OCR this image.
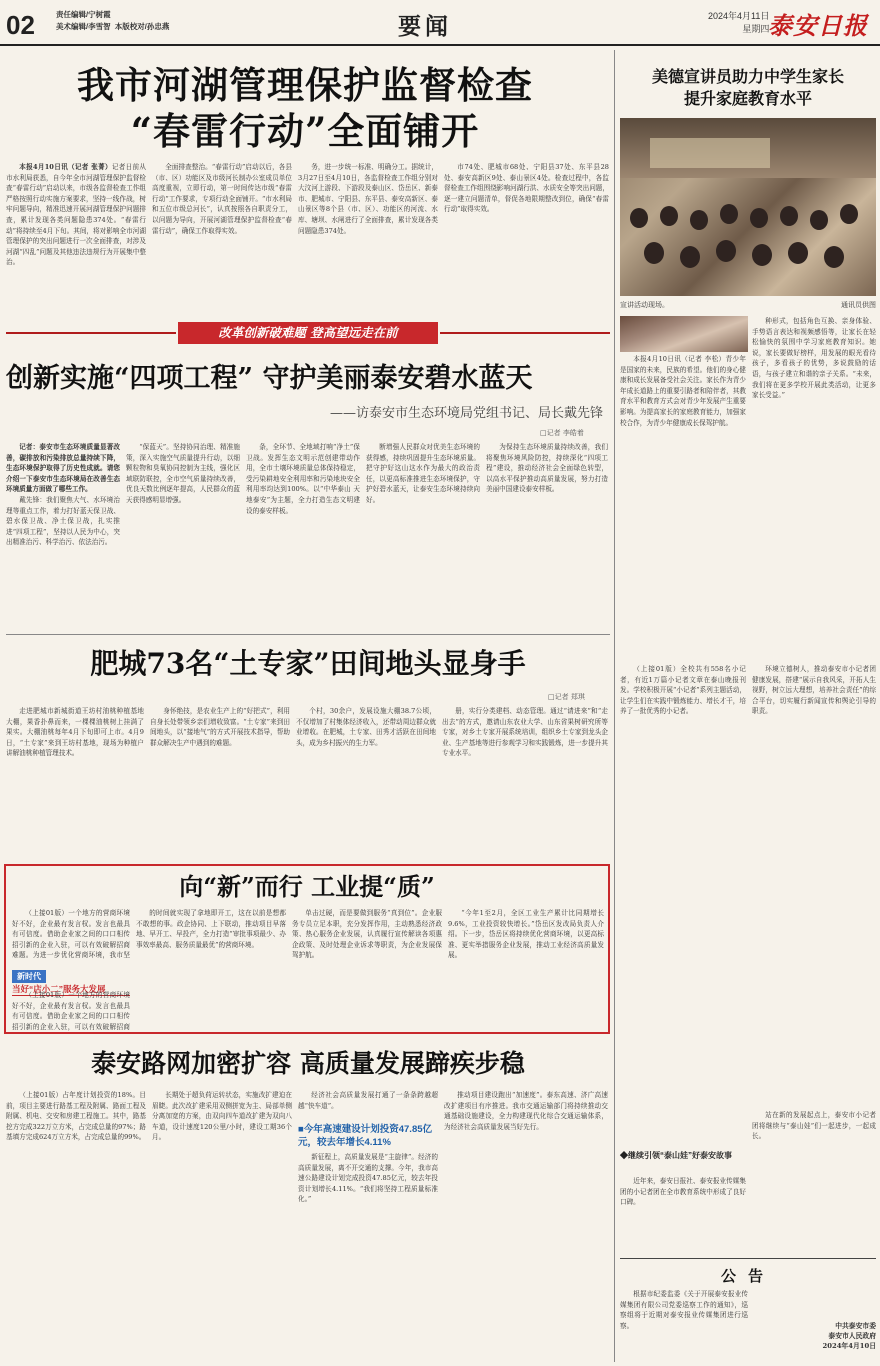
02	责任编辑/宁树霞
美术编辑/李雪智 本版校对/孙忠燕	要闻	2024年4月11日
星期四
泰安日报
我市河湖管理保护监督检查
“春雷行动”全面铺开

本报4月10日讯（记者 张菁）记者日前从市水利局获悉，自今年全市河湖管理保护监督检查“春雷行动”启动以来，市级各监督检查工作组严格按照行动实施方案要求，坚持一线作战，树牢问题导向，精准迅速开展河湖管理保护问题排查，累计发现各类问题隐患374处。“春雷行动”将持续至4月下旬。其间，将对影响全市河湖管理保护的突出问题进行一次全面排查，对涉及河湖“四乱”问题及其他违法违规行为开展集中整治。

全面排查整治。“春雷行动”启动以后，各县（市、区）功能区及市级河长制办公室成员单位高度重视，立即行动，第一时间传达市级“春雷行动”工作要求，专项行动全面铺开。“市水利局和五位市级总河长”，认真按照各自职责分工，以问题为导向，开展河湖管理保护监督检查“春雷行动”，确保工作取得实效。

务，进一步统一标准、明确分工。据统计，3月27日至4月10日，各监督检查工作组分别对大汶河上游段、下游段及泰山区、岱岳区、新泰市、肥城市、宁阳县、东平县、泰安高新区、泰山景区等8个县（市、区）、功能区的河流、水库、塘坝、水闸进行了全面排查，累计发现各类问题隐患374处。

市74处、肥城市68处、宁阳县37处、东平县28处、泰安高新区9处、泰山景区4处。检查过程中，各监督检查工作组围绕影响河湖行洪、水质安全等突出问题，逐一建立问题清单，督促各地限期整改到位，确保“春雷行动”取得实效。

改革创新破难题 登高望远走在前
创新实施“四项工程” 守护美丽泰安碧水蓝天
——访泰安市生态环境局党组书记、局长戴先锋
□记者 李皓着

记者：泰安市生态环境质量显著改善，碳排放和污染排放总量持续下降，生态环境保护取得了历史性成就。请您介绍一下泰安市生态环境局在改善生态环境质量方面做了哪些工作。

戴先锋：我们聚焦大气、水环境治理等重点工作，着力打好蓝天保卫战、碧水保卫战、净土保卫战，扎实推进“四项工程”，坚持以人民为中心，突出精准治污、科学治污、依法治污。

“保蓝天”。坚持协同治理、精准施策，深入实施空气质量提升行动，以细颗粒物和臭氧协同控制为主线，强化区域联防联控，全市空气质量持续改善，优良天数比例逐年提高，人民群众的蓝天获得感明显增强。

条，全环节、全地域打响“净土”保卫战。发挥生态文明示范创建带动作用，全市土壤环境质量总体保持稳定，受污染耕地安全利用率和污染地块安全利用率均达到100%。以“中华泰山 天地泰安”为主题，全力打造生态文明建设的泰安样板。

断增强人民群众对优美生态环境的获得感，持续巩固提升生态环境质量。把守护好这山这水作为最大的政治责任，以更高标准推进生态环境保护，守护好碧水蓝天，让泰安生态环境持续向好。

为保持生态环境质量持续改善，我们将聚焦环境风险防控，持续深化“四项工程”建设，推动经济社会全面绿色转型，以高水平保护推动高质量发展，努力打造美丽中国建设泰安样板。

肥城73名“土专家”田间地头显身手
□记者 郑琪

走进肥城市新城街道王坊村油桃种植基地大棚，果香扑鼻而来，一棵棵油桃树上挂满了果实。大棚油桃每年4月下旬即可上市。4月9日，“土专家”来到王坊村基地，现场为种植户讲解油桃种植管理技术。

身怀绝技，是农业生产上的“好把式”，利用自身长处带领乡亲们增收致富。“土专家”来到田间地头，以“接地气”的方式开展技术指导，帮助群众解决生产中遇到的难题。

个村，30余户，发展设施大棚38.7公顷，不仅增加了村集体经济收入，还带动周边群众就业增收。在肥城，土专家、田秀才活跃在田间地头，成为乡村振兴的生力军。

册，实行分类建档、动态管理。通过“请进来”和“走出去”的方式，邀请山东农业大学、山东省果树研究所等专家，对乡土专家开展系统培训，组织乡土专家到龙头企业、生产基地等进行参观学习和实践锻炼，进一步提升其专业水平。

向“新”而行 工业提“质”
新时代
当好“店小二”服务大发展

（上接01版）一个地方的营商环境好不好，企业最有发言权。发言也最具有可信度。借助企业家之间的口口相传招引新的企业入驻，可以有效破解招商难题。为进一步优化营商环境，我市坚

（上接01版）一个地方的营商环境好不好，企业最有发言权。发言也最具有可信度。借助企业家之间的口口相传招引新的企业入驻，可以有效破解招商

的时间就实现了拿地即开工，这在以前是想都不敢想的事。政企协同、上下联动，推动项目早落地、早开工、早投产，全力打造“审批事项最少、办事效率最高、服务质量最优”的营商环境。

单击过硬，而是要做到服务“真到位”。企业服务专员立足本职，充分发挥作用，主动熟悉经济政策、热心服务企业发展，认真履行宣传解读各项惠企政策、及时处理企业诉求等职责，为企业发展保驾护航。

“今年1至2月，全区工业生产累计比同期增长9.6%，工业投资较快增长。”岱岳区发改局负责人介绍。下一步，岱岳区将持续优化营商环境，以更高标准、更实举措服务企业发展，推动工业经济高质量发展。

泰安路网加密扩容 高质量发展蹄疾步稳

（上接01版）占年度计划投资的18%。目前，项目主要进行路基工程及附属、路面工程及附属、机电、交安和房建工程施工。其中，路基挖方完成322万立方米，占完成总量的97%；路基填方完成624万立方米，占完成总量的99%。

长期处于超负荷运转状态，实施改扩建迫在眉睫。此次改扩建采用双侧拼宽为主、局部单侧分离加宽的方案，由双向四车道改扩建为双向八车道，设计速度120公里/小时，建设工期36个月。

经济社会高质量发展打通了一条条跨越超越“快车道”。

■今年高速建设计划投资47.85亿元，较去年增长4.11%

新征程上，高质量发展是“主旋律”。经济的高质量发展，离不开交通的支撑。今年，我市高速公路建设计划完成投资47.85亿元，较去年投资计划增长4.11%。“我们将坚持工程质量标准化。”

推动项目建设跑出“加速度”。泰东高速、济广高速改扩建项目有序推进。我市交通运输部门将持续推动交通基础设施建设，全力构建现代化综合交通运输体系，为经济社会高质量发展当好先行。

美德宣讲员助力中学生家长
提升家庭教育水平
宣讲活动现场。	通讯员供图

本报4月10日讯（记者 李松）青少年是国家的未来，民族的希望。他们的身心健康和成长发展备受社会关注。家长作为青少年成长道路上的重要引路者和陪伴者，其教育水平和教育方式会对青少年发展产生重要影响。为提高家长的家庭教育能力，加强家校合作，为青少年健康成长保驾护航。

种形式，包括角色互换、亲身体验、手势语言表达和视频感悟等，让家长在轻松愉快的氛围中学习家庭教育知识。她说，家长要做好榜样，用发展的眼光看待孩子，多看孩子的优势，多说鼓励的话语，与孩子建立和谐的亲子关系。“未来，我们将在更多学校开展此类活动，让更多家长受益。”

（上接01版）全校共有558名小记者，有近1万篇小记者文章在泰山晚报刊发。学校积极开展“小记者”系列主题活动，让学生们在实践中锻炼能力、增长才干，培养了一批优秀的小记者。

环境立德树人，推动泰安市小记者团健康发展，搭建“展示自我风采，开拓人生视野，树立远大理想，培养社会责任”的综合平台，切实履行新闻宣传和舆论引导的职责。

◆继续引领“泰山娃”好泰安故事

近年来，泰安日报社、泰安报业传媒集团的小记者团在全市教育系统中形成了良好口碑。

站在新的发展起点上，泰安市小记者团将继续与“泰山娃”们一起进步，一起成长。

公告

根据市纪委监委《关于开展泰安报业传媒集团有限公司党委巡察工作的通知》，巡察组将于近期对泰安报业传媒集团进行巡察。	中共泰安市委
泰安市人民政府
2024年4月10日
